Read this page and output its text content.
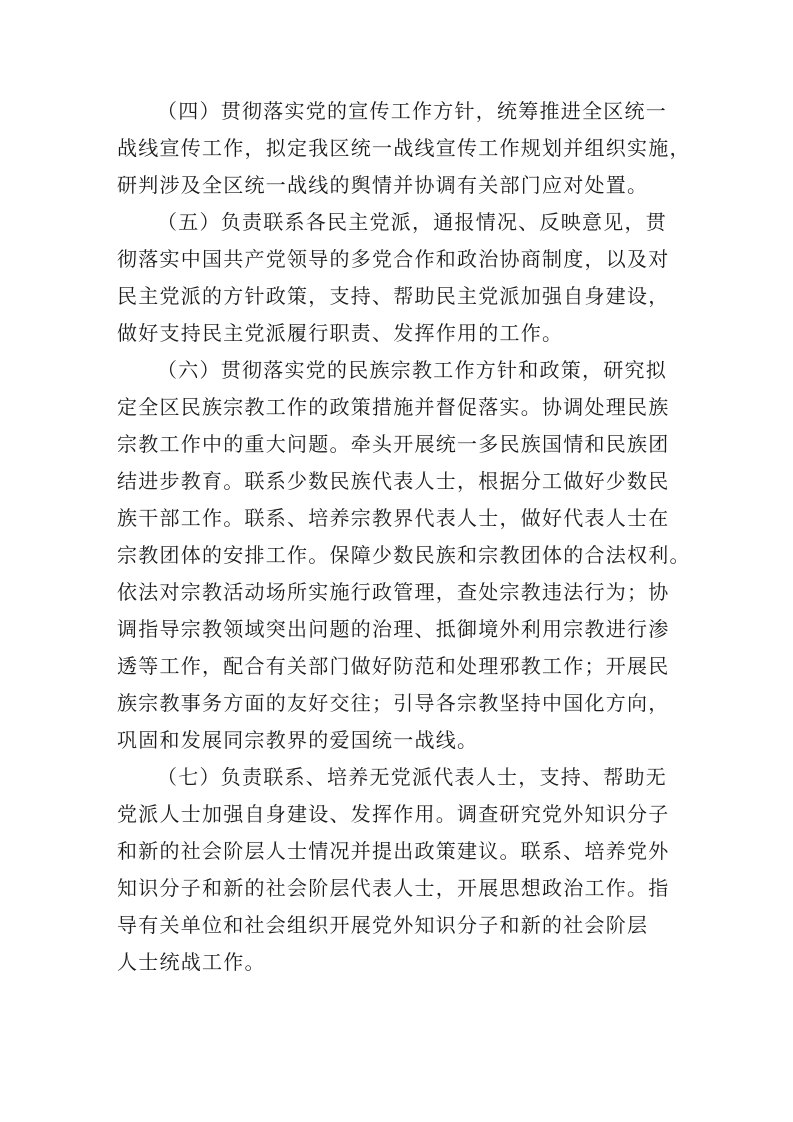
（四）贯彻落实党的宣传工作方针，统筹推进全区统一
战线宣传工作，拟定我区统一战线宣传工作规划并组织实施，
研判涉及全区统一战线的舆情并协调有关部门应对处置。
（五）负责联系各民主党派，通报情况、反映意见，贯
彻落实中国共产党领导的多党合作和政治协商制度，以及对
民主党派的方针政策，支持、帮助民主党派加强自身建设，
做好支持民主党派履行职责、发挥作用的工作。
（六）贯彻落实党的民族宗教工作方针和政策，研究拟
定全区民族宗教工作的政策措施并督促落实。协调处理民族
宗教工作中的重大问题。牵头开展统一多民族国情和民族团
结进步教育。联系少数民族代表人士，根据分工做好少数民
族干部工作。联系、培养宗教界代表人士，做好代表人士在
宗教团体的安排工作。保障少数民族和宗教团体的合法权利。
依法对宗教活动场所实施行政管理，查处宗教违法行为；协
调指导宗教领域突出问题的治理、抵御境外利用宗教进行渗
透等工作，配合有关部门做好防范和处理邪教工作；开展民
族宗教事务方面的友好交往；引导各宗教坚持中国化方向，
巩固和发展同宗教界的爱国统一战线。
（七）负责联系、培养无党派代表人士，支持、帮助无
党派人士加强自身建设、发挥作用。调查研究党外知识分子
和新的社会阶层人士情况并提出政策建议。联系、培养党外
知识分子和新的社会阶层代表人士，开展思想政治工作。指
导有关单位和社会组织开展党外知识分子和新的社会阶层
人士统战工作。
